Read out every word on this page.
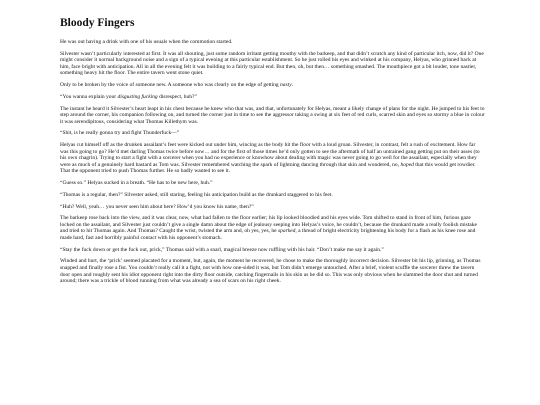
Bloody Fingers

He was out having a drink with one of his usuals when the commotion started.

Silvester wasn’t particularly interested at first. It was all shouting, just some random irritant getting mouthy with the barkeep, and that didn’t scratch any kind of particular itch, now, did it? One might consider it normal background noise and a sign of a typical evening at this particular establishment. So he just rolled his eyes and winked at his company, Helyas, who grinned back at him, face bright with anticipation. All in all the evening felt it was building to a fairly typical end. But then, oh, but then… something smashed. The mouthpiece got a bit louder, tone nastier, something heavy hit the floor. The entire tavern went stone quiet.

Only to be broken by the voice of someone new. A someone who was clearly on the edge of getting nasty.

“You wanna explain your disgusting fucking disrespect, huh?”

The instant he heard it Silvester’s heart leapt in his chest because he knew who that was, and that, unfortunately for Helyas, meant a likely change of plans for the night. He jumped to his feet to step around the corner, his companion following on, and turned the corner just in time to see the aggressor taking a swing at six feet of red curls, scarred skin and eyes so stormy a blue in colour it was serendipitous, considering what Thomas Killethym was.

“Shit, is he really gonna try and fight Thunderfuck—”

Helyas cut himself off as the drunken assailant’s feet were kicked out under him, wincing as the body hit the floor with a loud groan. Silvester, in contrast, felt a rush of excitement. How far was this going to go? He’d met darling Thomas twice before now… and for the first of those times he’d only gotten to see the aftermath of half an untrained gang getting put on their asses (to his own chagrin). Trying to start a fight with a sorcerer when you had no experience or knowhow about dealing with magic was never going to go well for the assailant, especially when they were as much of a genuinely hard bastard as Tom was. Silvester remembered watching the spark of lightning dancing through that skin and wondered, no, hoped that this would get rowdier. That the opponent tried to push Thomas further. He so badly wanted to see it.

“Guess so.” Helyas sucked in a breath. “He has to be new here, huh.”

“Thomas is a regular, then?” Silvester asked, still staring, feeling his anticipation build as the drunkard staggered to his feet.

“Huh? Well, yeah… you never seen him about here? How’d you know his name, then?”

The barkeep rose back into the view, and it was clear, now, what had fallen to the floor earlier; his lip looked bloodied and his eyes wide. Tom shifted to stand in front of him, furious gaze locked on the assailant, and Silvester just couldn’t give a single damn about the edge of jealousy seeping into Helyas’s voice, he couldn’t, because the drunkard made a really foolish mistake and tried to hit Thomas again. And Thomas? Caught the wrist, twisted the arm and, oh yes, yes, he sparked, a thread of bright electricity brightening his body for a flash as his knee rose and made hard, fast and horribly painful contact with his opponent’s stomach.

“Stay the fuck down or get the fuck out, prick,” Thomas said with a snarl, magical breeze now ruffling with his hair. “Don’t make me say it again.”

Winded and hurt, the ‘prick’ seemed placated for a moment, but, again, the moment he recovered, he chose to make the thoroughly incorrect decision. Silvester bit his lip, grinning, as Thomas snapped and finally rose a fist. You couldn’t really call it a fight, not with how one-sided it was, but Tom didn’t emerge untouched. After a brief, violent scuffle the sorcerer threw the tavern door open and roughly sent his idiot opponent right into the dirty floor outside, catching fingernails in his skin as he did so. This was only obvious when he slammed the door shut and turned around; there was a trickle of blood running from what was already a sea of scars on his right cheek.
